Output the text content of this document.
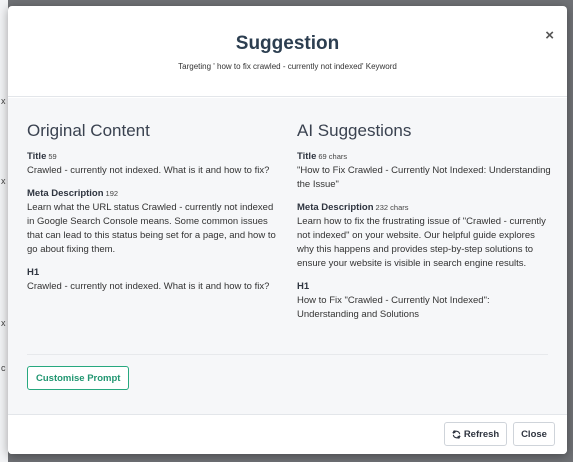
x
x
x
c
Suggestion
Targeting ' how to fix crawled - currently not indexed' Keyword
×
Original Content
Title 59
Crawled - currently not indexed. What is it and how to fix?
Meta Description 192
Learn what the URL status Crawled - currently not indexed in Google Search Console means. Some common issues that can lead to this status being set for a page, and how to go about fixing them.
H1
Crawled - currently not indexed. What is it and how to fix?
AI Suggestions
Title 69 chars
"How to Fix Crawled - Currently Not Indexed: Understanding the Issue"
Meta Description 232 chars
Learn how to fix the frustrating issue of "Crawled - currently not indexed" on your website. Our helpful guide explores why this happens and provides step-by-step solutions to ensure your website is visible in search engine results.
H1
How to Fix "Crawled - Currently Not Indexed": Understanding and Solutions
Customise Prompt
Refresh	Close
